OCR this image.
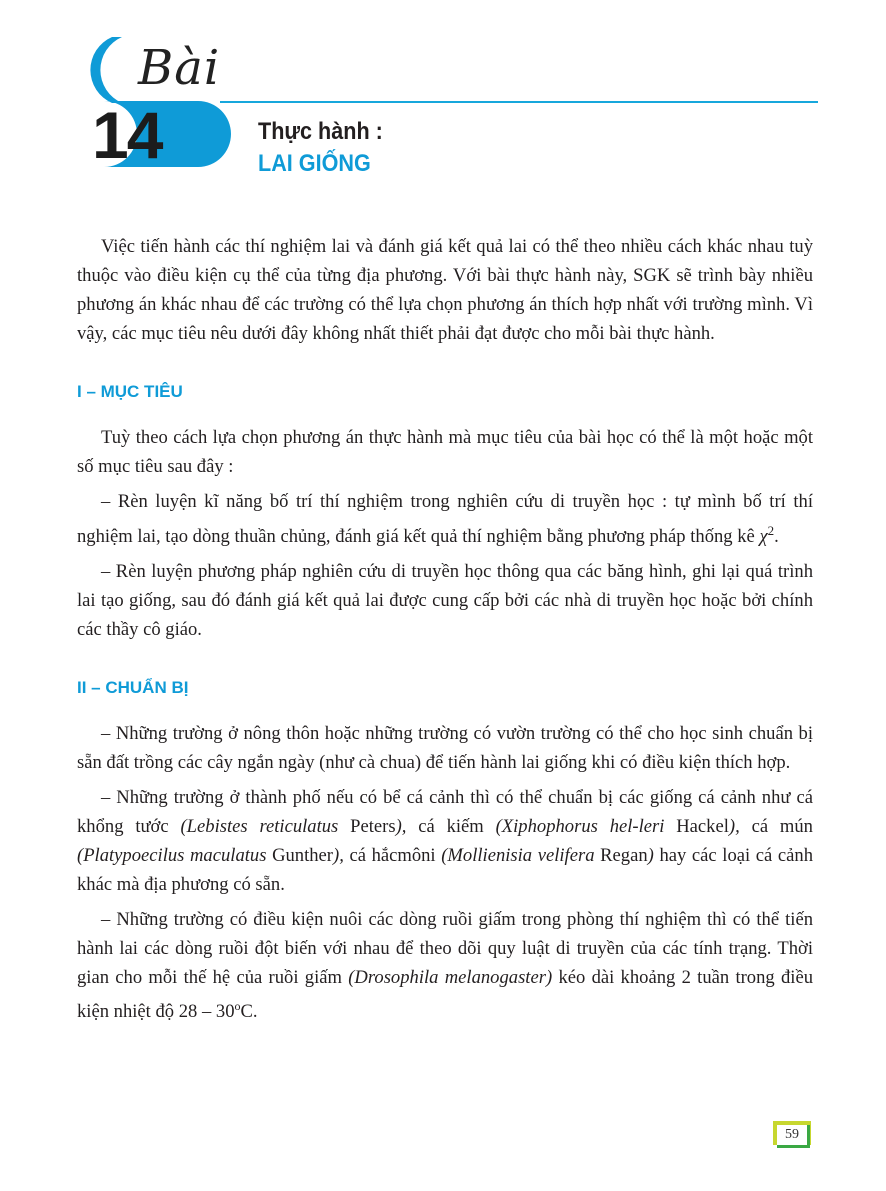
Bài
14	Thực hành :
LAI GIỐNG

Việc tiến hành các thí nghiệm lai và đánh giá kết quả lai có thể theo nhiều cách khác nhau tuỳ thuộc vào điều kiện cụ thể của từng địa phương. Với bài thực hành này, SGK sẽ trình bày nhiều phương án khác nhau để các trường có thể lựa chọn phương án thích hợp nhất với trường mình. Vì vậy, các mục tiêu nêu dưới đây không nhất thiết phải đạt được cho mỗi bài thực hành.

I – MỤC TIÊU

Tuỳ theo cách lựa chọn phương án thực hành mà mục tiêu của bài học có thể là một hoặc một số mục tiêu sau đây :

– Rèn luyện kĩ năng bố trí thí nghiệm trong nghiên cứu di truyền học : tự mình bố trí thí nghiệm lai, tạo dòng thuần chủng, đánh giá kết quả thí nghiệm bằng phương pháp thống kê $\chi^2$.

– Rèn luyện phương pháp nghiên cứu di truyền học thông qua các băng hình, ghi lại quá trình lai tạo giống, sau đó đánh giá kết quả lai được cung cấp bởi các nhà di truyền học hoặc bởi chính các thầy cô giáo.

II – CHUẨN BỊ

– Những trường ở nông thôn hoặc những trường có vườn trường có thể cho học sinh chuẩn bị sẵn đất trồng các cây ngắn ngày (như cà chua) để tiến hành lai giống khi có điều kiện thích hợp.

– Những trường ở thành phố nếu có bể cá cảnh thì có thể chuẩn bị các giống cá cảnh như cá khổng tước (Lebistes reticulatus Peters), cá kiếm (Xiphophorus hel-leri Hackel), cá mún (Platypoecilus maculatus Gunther), cá hắcmôni (Mollienisia velifera Regan) hay các loại cá cảnh khác mà địa phương có sẵn.

– Những trường có điều kiện nuôi các dòng ruồi giấm trong phòng thí nghiệm thì có thể tiến hành lai các dòng ruồi đột biến với nhau để theo dõi quy luật di truyền của các tính trạng. Thời gian cho mỗi thế hệ của ruồi giấm (Drosophila melanogaster) kéo dài khoảng 2 tuần trong điều kiện nhiệt độ 28 – 30$^o$C.

59
